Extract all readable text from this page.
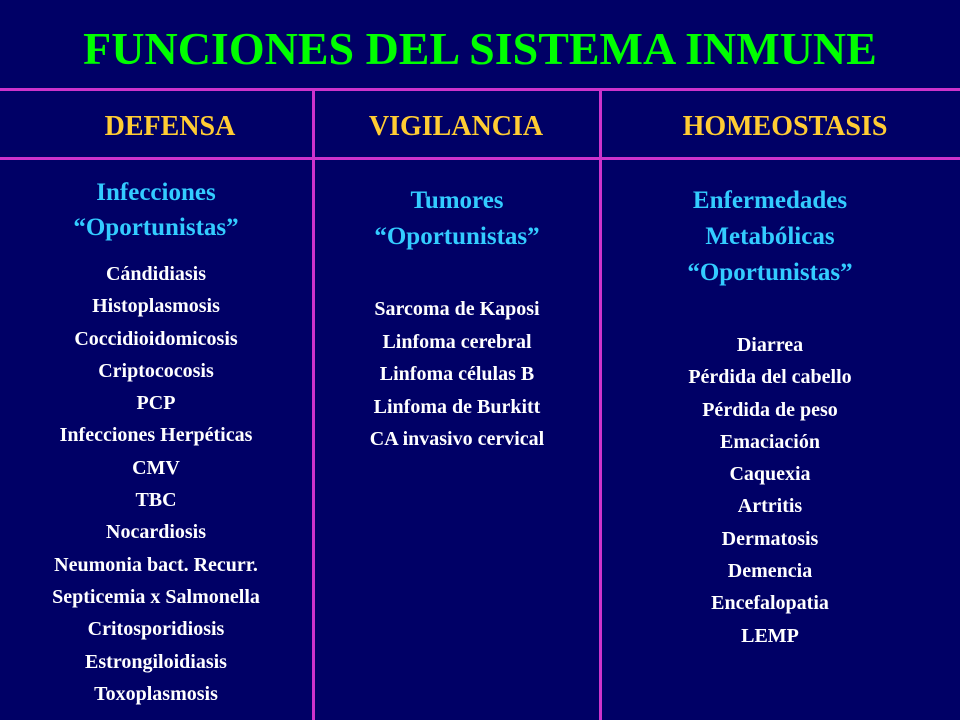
FUNCIONES DEL SISTEMA INMUNE
DEFENSA	VIGILANCIA	HOMEOSTASIS
Infecciones
“Oportunistas”
Cándidiasis
Histoplasmosis
Coccidioidomicosis
Criptococosis
PCP
Infecciones Herpéticas
CMV
TBC
Nocardiosis
Neumonia bact. Recurr.
Septicemia x Salmonella
Critosporidiosis
Estrongiloidiasis
Toxoplasmosis
Tumores
“Oportunistas”
Sarcoma de Kaposi
Linfoma cerebral
Linfoma células B
Linfoma de Burkitt
CA invasivo cervical
Enfermedades
Metabólicas
“Oportunistas”
Diarrea
Pérdida del cabello
Pérdida de peso
Emaciación
Caquexia
Artritis
Dermatosis
Demencia
Encefalopatia
LEMP
